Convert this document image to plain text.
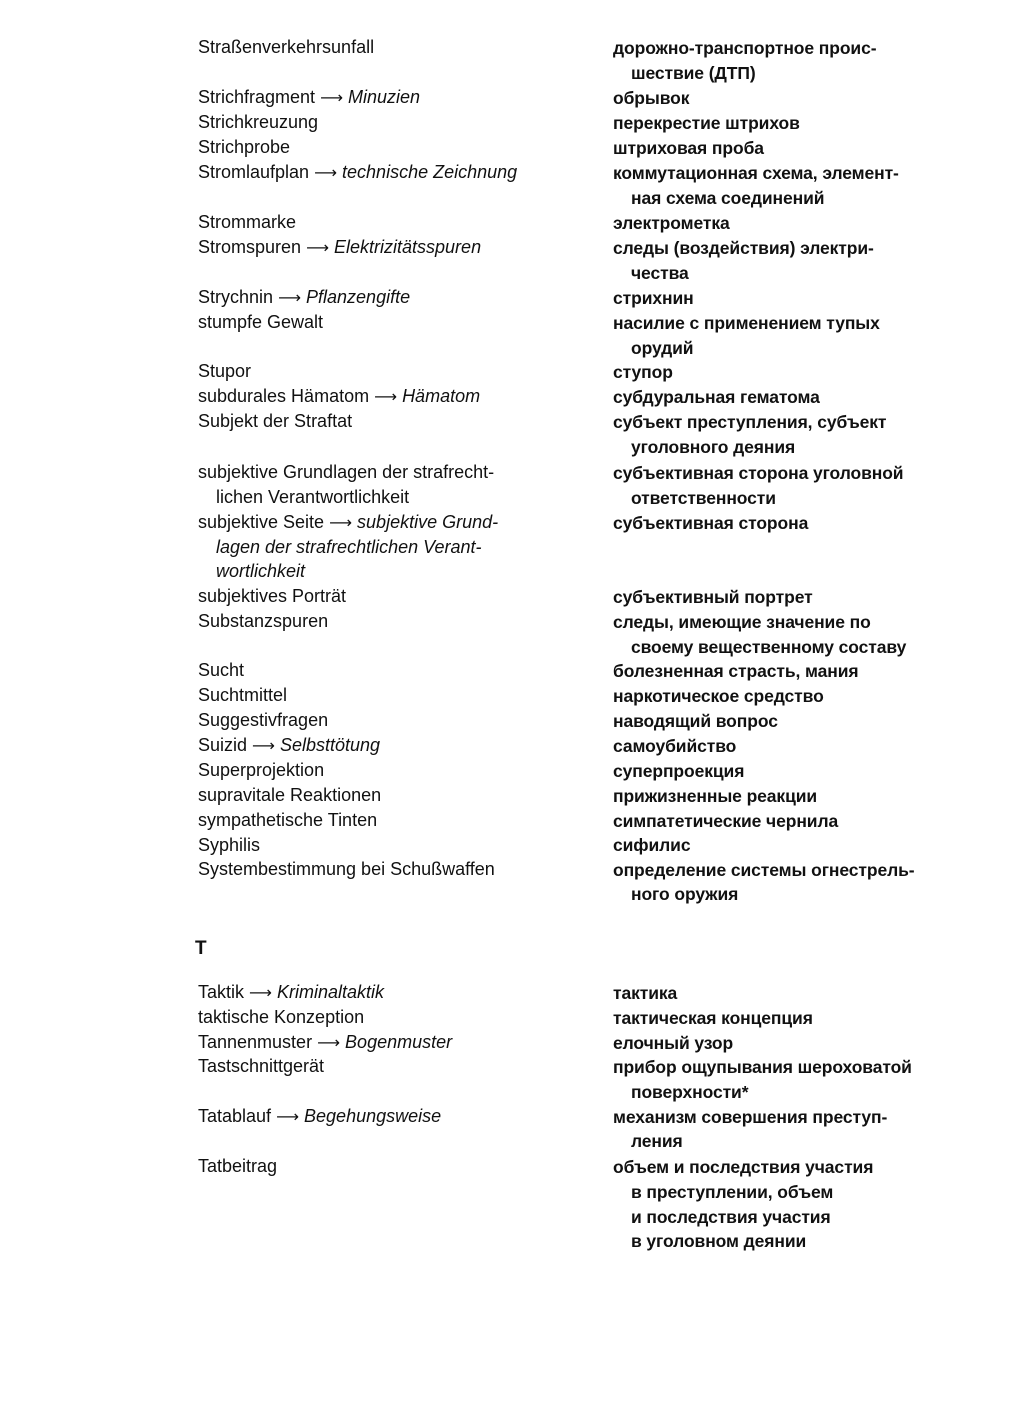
Straßenverkehrsunfall
Strichfragment ⟶ Minuzien
Strichkreuzung
Strichprobe
Stromlaufplan ⟶ technische Zeichnung
Strommarke
Stromspuren ⟶ Elektrizitätsspuren
Strychnin ⟶ Pflanzengifte
stumpfe Gewalt
Stupor
subdurales Hämatom ⟶ Hämatom
Subjekt der Straftat
subjektive Grundlagen der strafrecht-
lichen Verantwortlichkeit
subjektive Seite ⟶ subjektive Grund-
lagen der strafrechtlichen Verant-
wortlichkeit
subjektives Porträt
Substanzspuren
Sucht
Suchtmittel
Suggestivfragen
Suizid ⟶ Selbsttötung
Superprojektion
supravitale Reaktionen
sympathetische Tinten
Syphilis
Systembestimmung bei Schußwaffen
T
Taktik ⟶ Kriminaltaktik
taktische Konzeption
Tannenmuster ⟶ Bogenmuster
Tastschnittgerät
Tatablauf ⟶ Begehungsweise
Tatbeitrag
дорожно-транспортное проис-
шествие (ДТП)
обрывок
перекрестие штрихов
штриховая проба
коммутационная схема, элемент-
ная схема соединений
электрометка
следы (воздействия) электри-
чества
стрихнин
насилие с применением тупых
орудий
ступор
субдуральная гематома
субъект преступления, субъект
уголовного деяния
субъективная сторона уголовной
ответственности
субъективная сторона
субъективный портрет
следы, имеющие значение по
своему вещественному составу
болезненная страсть, мания
наркотическое средство
наводящий вопрос
самоубийство
суперпроекция
прижизненные реакции
симпатетические чернила
сифилис
определение системы огнестрель-
ного оружия
тактика
тактическая концепция
елочный узор
прибор ощупывания шероховатой
поверхности*
механизм совершения преступ-
ления
объем и последствия участия
в преступлении, объем
и последствия участия
в уголовном деянии
